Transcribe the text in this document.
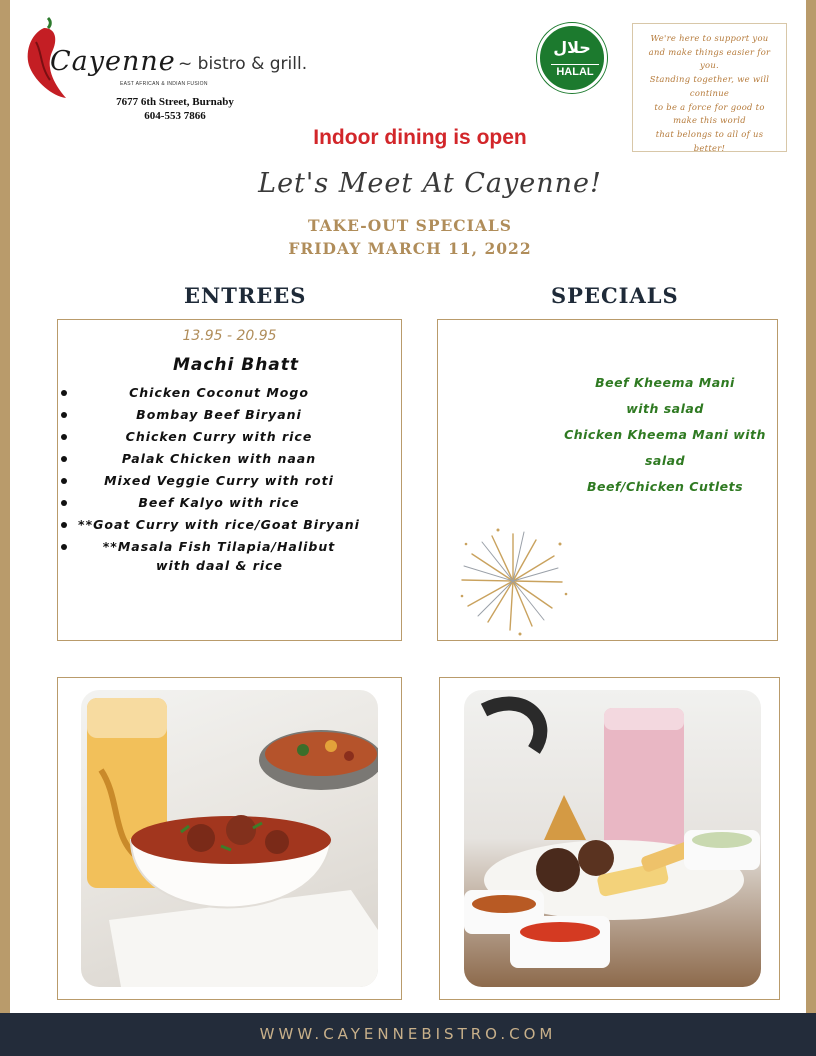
Cayenne ~ bistro & grill.
EAST AFRICAN & INDIAN FUSION
7677 6th Street, Burnaby
604-553 7866
حلال
HALAL
We're here to support you
and make things easier for
you.
Standing together, we will
continue
to be a force for good to
make this world
that belongs to all of us
better!
Indoor dining is open
Let's Meet At Cayenne!
TAKE-OUT SPECIALS
FRIDAY MARCH 11, 2022
ENTREES	SPECIALS
13.95 - 20.95
Machi Bhatt
Chicken Coconut Mogo
Bombay Beef Biryani
Chicken Curry with rice
Palak Chicken with naan
Mixed Veggie Curry with roti
Beef Kalyo with rice
**Goat Curry with rice/Goat Biryani
**Masala Fish Tilapia/Halibut
with daal & rice
Beef Kheema Mani
with salad
Chicken Kheema Mani with
salad
Beef/Chicken Cutlets
WWW.CAYENNEBISTRO.COM
